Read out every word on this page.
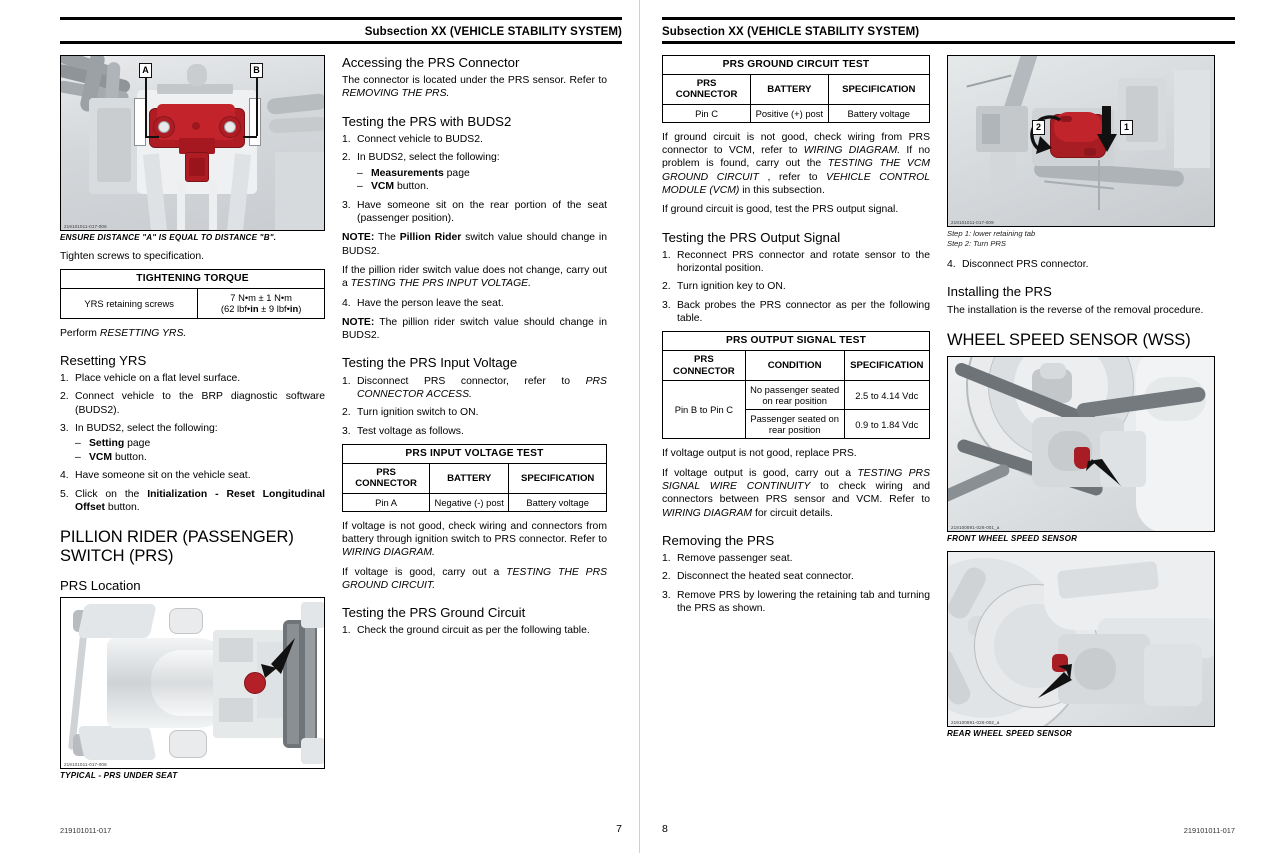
Subsection XX (VEHICLE STABILITY SYSTEM)
A	B
219101011-017-006
ENSURE DISTANCE "A" IS EQUAL TO DISTANCE "B".

Tighten screws to specification.

TIGHTENING TORQUE
YRS retaining screws	7 N•m ± 1 N•m
(62 lbf•in ± 9 lbf•in)

Perform RESETTING YRS.

Resetting YRS
1. Place vehicle on a flat level surface.
2. Connect vehicle to the BRP diagnostic software (BUDS2).
3. In BUDS2, select the following:
– Setting page
– VCM button.
4. Have someone sit on the vehicle seat.
5. Click on the Initialization - Reset Longitudinal Offset button.
PILLION RIDER (PASSENGER) SWITCH (PRS)
PRS Location
219101011-017-008
TYPICAL - PRS UNDER SEAT
Accessing the PRS Connector

The connector is located under the PRS sensor. Refer to REMOVING THE PRS.

Testing the PRS with BUDS2
1. Connect vehicle to BUDS2.
2. In BUDS2, select the following:
– Measurements page
– VCM button.
3. Have someone sit on the rear portion of the seat (passenger position).

NOTE: The Pillion Rider switch value should change in BUDS2.

If the pillion rider switch value does not change, carry out a TESTING THE PRS INPUT VOLTAGE.

4. Have the person leave the seat.

NOTE: The pillion rider switch value should change in BUDS2.

Testing the PRS Input Voltage
1. Disconnect PRS connector, refer to PRS CONNECTOR ACCESS.
2. Turn ignition switch to ON.
3. Test voltage as follows.
PRS INPUT VOLTAGE TEST		
PRS CONNECTOR	BATTERY	SPECIFICATION
Pin A	Negative (-) post	Battery voltage

If voltage is not good, check wiring and connectors from battery through ignition switch to PRS connector. Refer to WIRING DIAGRAM.

If voltage is good, carry out a TESTING THE PRS GROUND CIRCUIT.

Testing the PRS Ground Circuit
1. Check the ground circuit as per the following table.
219101011-017	7
Subsection XX (VEHICLE STABILITY SYSTEM)
PRS GROUND CIRCUIT TEST		
PRS CONNECTOR	BATTERY	SPECIFICATION
Pin C	Positive (+) post	Battery voltage

If ground circuit is not good, check wiring from PRS connector to VCM, refer to WIRING DIAGRAM. If no problem is found, carry out the TESTING THE VCM GROUND CIRCUIT , refer to VEHICLE CONTROL MODULE (VCM) in this subsection.

If ground circuit is good, test the PRS output signal.

Testing the PRS Output Signal
1. Reconnect PRS connector and rotate sensor to the horizontal position.
2. Turn ignition key to ON.
3. Back probes the PRS connector as per the following table.
PRS OUTPUT SIGNAL TEST		
PRS CONNECTOR	CONDITION	SPECIFICATION
Pin B to Pin C	No passenger seated on rear position	2.5 to 4.14 Vdc
	Passenger seated on rear position	0.9 to 1.84 Vdc

If voltage output is not good, replace PRS.

If voltage output is good, carry out a TESTING PRS SIGNAL WIRE CONTINUITY to check wiring and connectors between PRS sensor and VCM. Refer to WIRING DIAGRAM for circuit details.

Removing the PRS
1. Remove passenger seat.
2. Disconnect the heated seat connector.
3. Remove PRS by lowering the retaining tab and turning the PRS as shown.
2	1
219101011-017-009
Step 1: lower retaining tab
Step 2: Turn PRS
4. Disconnect PRS connector.
Installing the PRS

The installation is the reverse of the removal procedure.

WHEEL SPEED SENSOR (WSS)
219100891-026-001_a
FRONT WHEEL SPEED SENSOR
219100891-026-002_a
REAR WHEEL SPEED SENSOR
8	219101011-017
